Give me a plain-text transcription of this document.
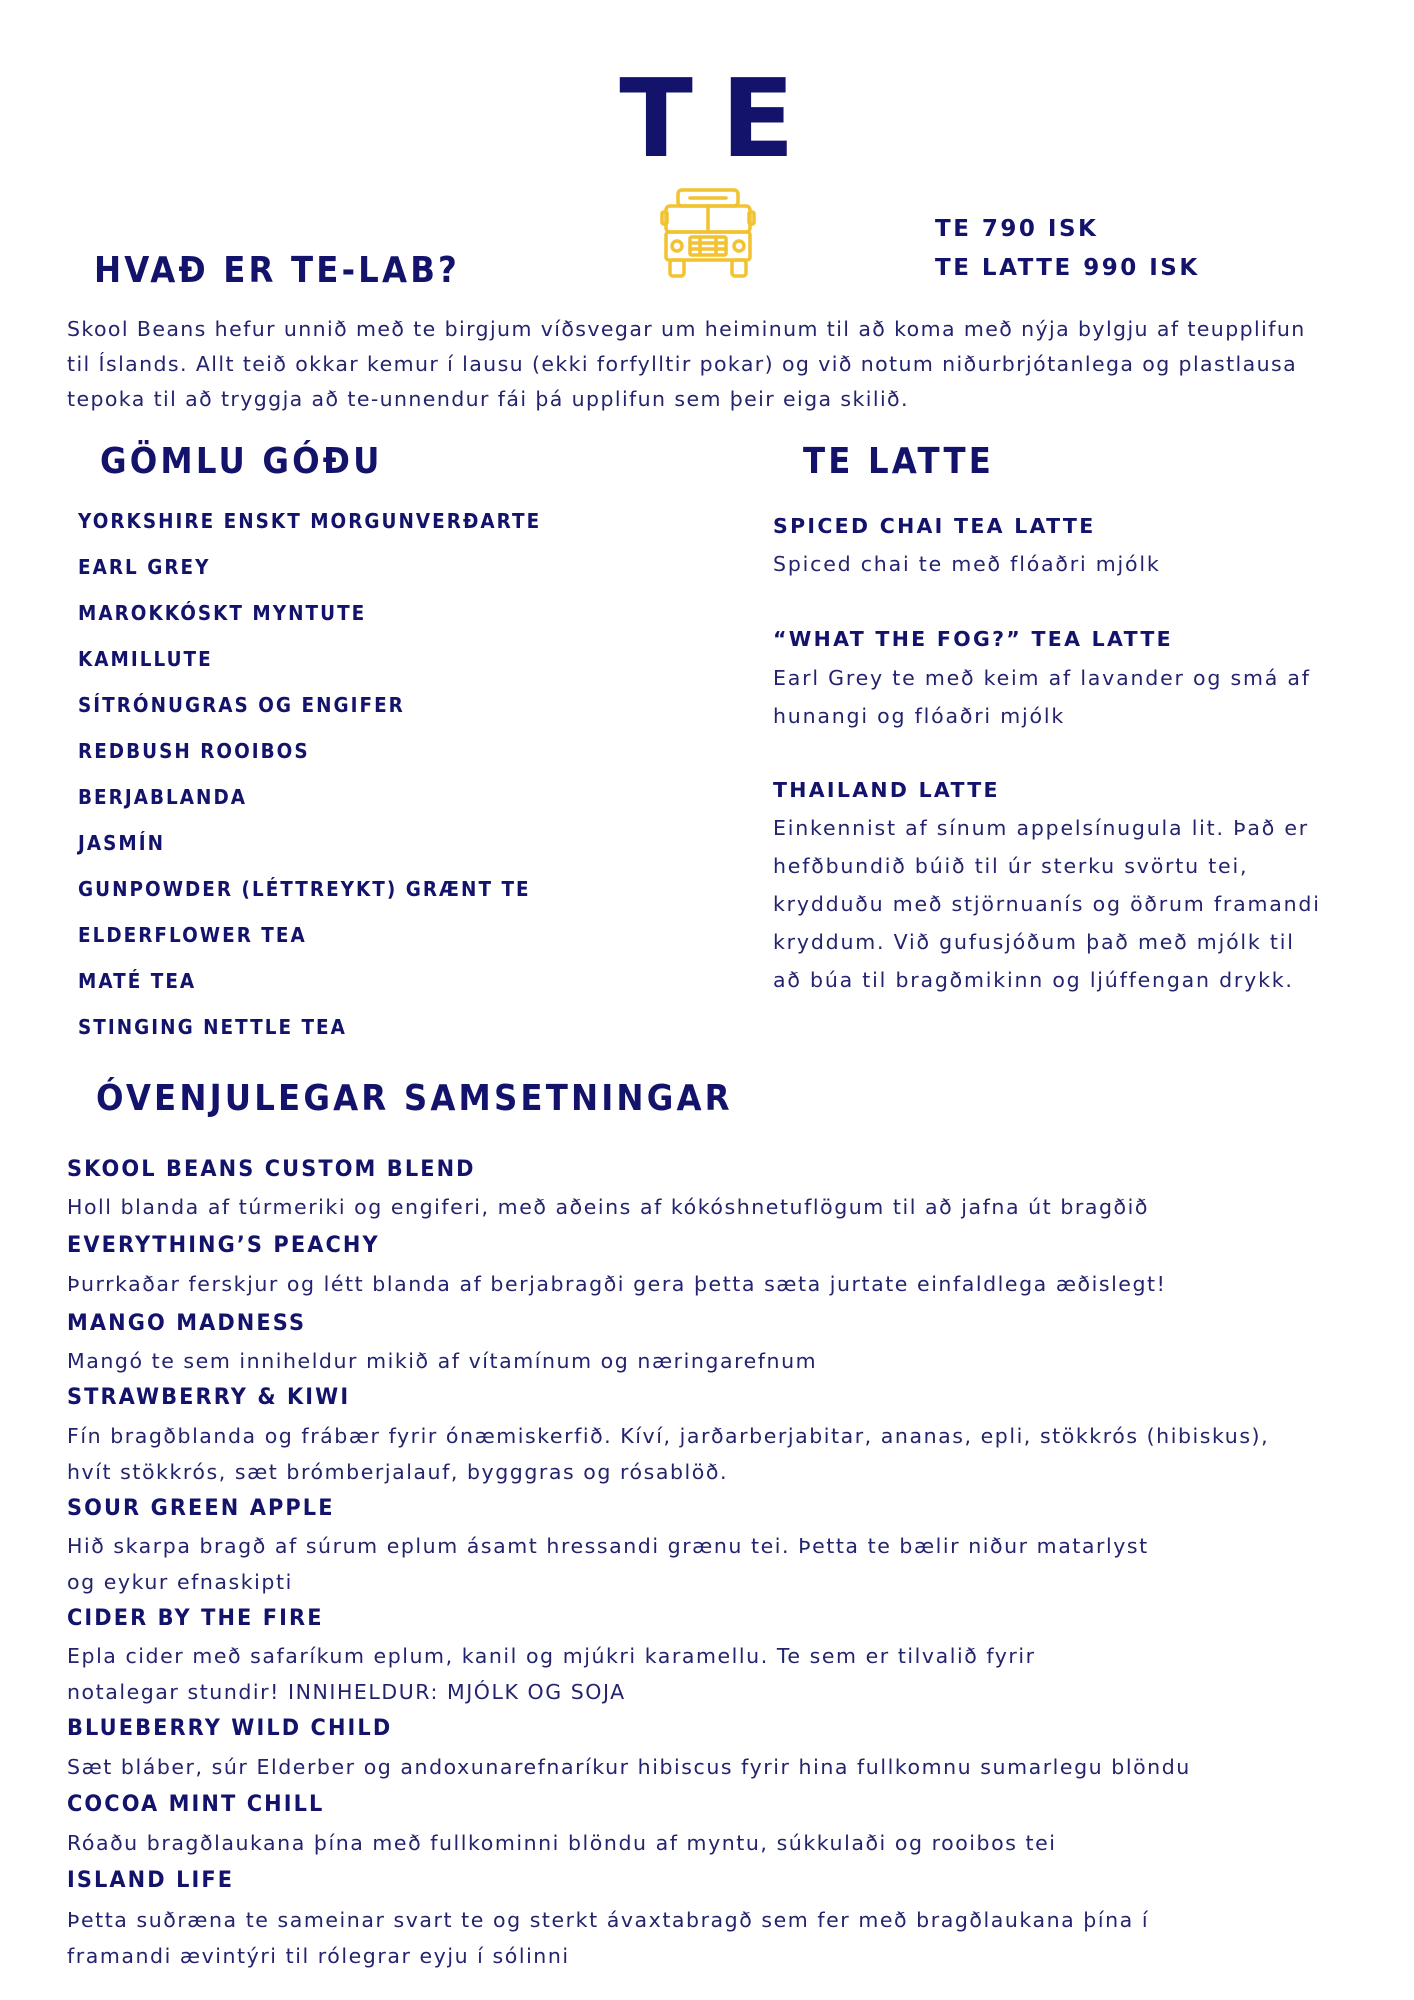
TE
TE 790 ISK
TE LATTE 990 ISK
HVAÐ ER TE-LAB?
Skool Beans hefur unnið með te birgjum víðsvegar um heiminum til að koma með nýja bylgju af teupplifun
til Íslands. Allt teið okkar kemur í lausu (ekki forfylltir pokar) og við notum niðurbrjótanlega og plastlausa
tepoka til að tryggja að te-unnendur fái þá upplifun sem þeir eiga skilið.
GÖMLU GÓÐU
YORKSHIRE ENSKT MORGUNVERÐARTE
EARL GREY
MAROKKÓSKT MYNTUTE
KAMILLUTE
SÍTRÓNUGRAS OG ENGIFER
REDBUSH ROOIBOS
BERJABLANDA
JASMÍN
GUNPOWDER (LÉTTREYKT) GRÆNT TE
ELDERFLOWER TEA
MATÉ TEA
STINGING NETTLE TEA
TE LATTE
SPICED CHAI TEA LATTE
Spiced chai te með flóaðri mjólk
“WHAT THE FOG?” TEA LATTE
Earl Grey te með keim af lavander og smá af
hunangi og flóaðri mjólk
THAILAND LATTE
Einkennist af sínum appelsínugula lit. Það er
hefðbundið búið til úr sterku svörtu tei,
krydduðu með stjörnuanís og öðrum framandi
kryddum. Við gufusjóðum það með mjólk til
að búa til bragðmikinn og ljúffengan drykk.
ÓVENJULEGAR SAMSETNINGAR
SKOOL BEANS CUSTOM BLEND
Holl blanda af túrmeriki og engiferi, með aðeins af kókóshnetuflögum til að jafna út bragðið
EVERYTHING’S PEACHY
Þurrkaðar ferskjur og létt blanda af berjabragði gera þetta sæta jurtate einfaldlega æðislegt!
MANGO MADNESS
Mangó te sem inniheldur mikið af vítamínum og næringarefnum
STRAWBERRY & KIWI
Fín bragðblanda og frábær fyrir ónæmiskerfið. Kíví, jarðarberjabitar, ananas, epli, stökkrós (hibiskus),
hvít stökkrós, sæt brómberjalauf, bygggras og rósablöð.
SOUR GREEN APPLE
Hið skarpa bragð af súrum eplum ásamt hressandi grænu tei. Þetta te bælir niður matarlyst
og eykur efnaskipti
CIDER BY THE FIRE
Epla cider með safaríkum eplum, kanil og mjúkri karamellu. Te sem er tilvalið fyrir
notalegar stundir! INNIHELDUR: MJÓLK OG SOJA
BLUEBERRY WILD CHILD
Sæt bláber, súr Elderber og andoxunarefnaríkur hibiscus fyrir hina fullkomnu sumarlegu blöndu
COCOA MINT CHILL
Róaðu bragðlaukana þína með fullkominni blöndu af myntu, súkkulaði og rooibos tei
ISLAND LIFE
Þetta suðræna te sameinar svart te og sterkt ávaxtabragð sem fer með bragðlaukana þína í
framandi ævintýri til rólegrar eyju í sólinni
